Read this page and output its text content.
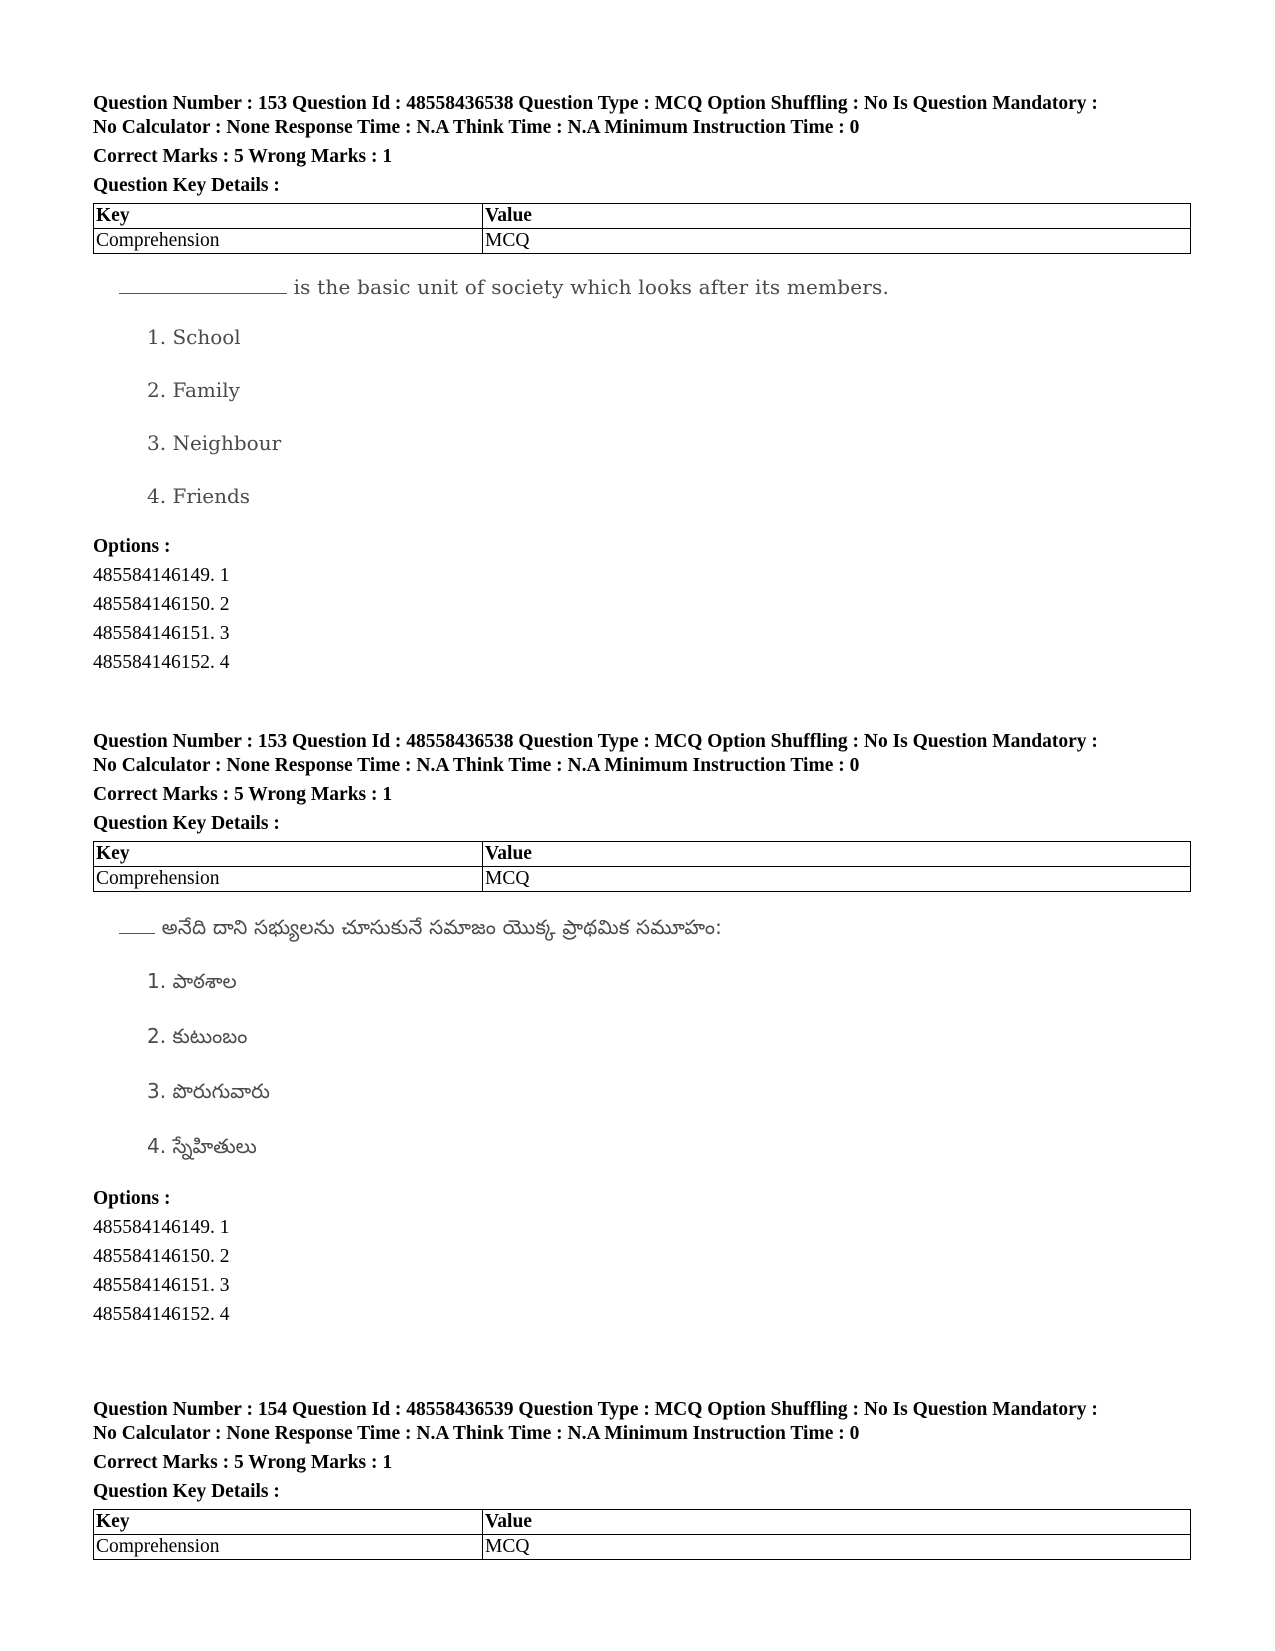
Question Number : 153 Question Id : 48558436538 Question Type : MCQ Option Shuffling : No Is Question Mandatory :
No Calculator : None Response Time : N.A Think Time : N.A Minimum Instruction Time : 0
Correct Marks : 5 Wrong Marks : 1
Question Key Details :
Key	Value
Comprehension	MCQ
is the basic unit of society which looks after its members.
1. School
2. Family
3. Neighbour
4. Friends
Options :
485584146149. 1
485584146150. 2
485584146151. 3
485584146152. 4
Question Number : 153 Question Id : 48558436538 Question Type : MCQ Option Shuffling : No Is Question Mandatory :
No Calculator : None Response Time : N.A Think Time : N.A Minimum Instruction Time : 0
Correct Marks : 5 Wrong Marks : 1
Question Key Details :
Key	Value
Comprehension	MCQ
అనేది దాని సభ్యులను చూసుకునే సమాజం యొక్క ప్రాథమిక సమూహం:
1. పాఠశాల
2. కుటుంబం
3. పొరుగువారు
4. స్నేహితులు
Options :
485584146149. 1
485584146150. 2
485584146151. 3
485584146152. 4
Question Number : 154 Question Id : 48558436539 Question Type : MCQ Option Shuffling : No Is Question Mandatory :
No Calculator : None Response Time : N.A Think Time : N.A Minimum Instruction Time : 0
Correct Marks : 5 Wrong Marks : 1
Question Key Details :
Key	Value
Comprehension	MCQ
